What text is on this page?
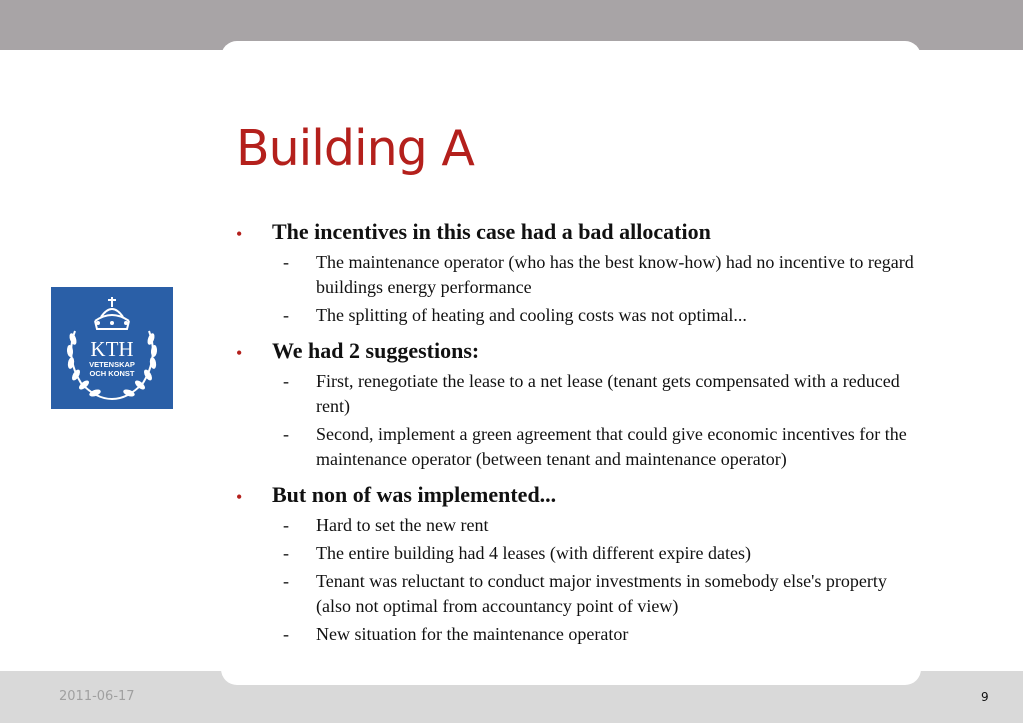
KTH
VETENSKAP
OCH KONST
Building A
• The incentives in this case had a bad allocation
- The maintenance operator (who has the best know-how) had no incentive to regard buildings energy performance
- The splitting of heating and cooling costs was not optimal...
• We had 2 suggestions:
- First, renegotiate the lease to a net lease (tenant gets compensated with a reduced rent)
- Second, implement a green agreement that could give economic incentives for the maintenance operator (between tenant and maintenance operator)
• But non of was implemented...
- Hard to set the new rent
- The entire building had 4 leases (with different expire dates)
- Tenant was reluctant to conduct major investments in somebody else's property (also not optimal from accountancy point of view)
- New situation for the maintenance operator
2011-06-17	9
